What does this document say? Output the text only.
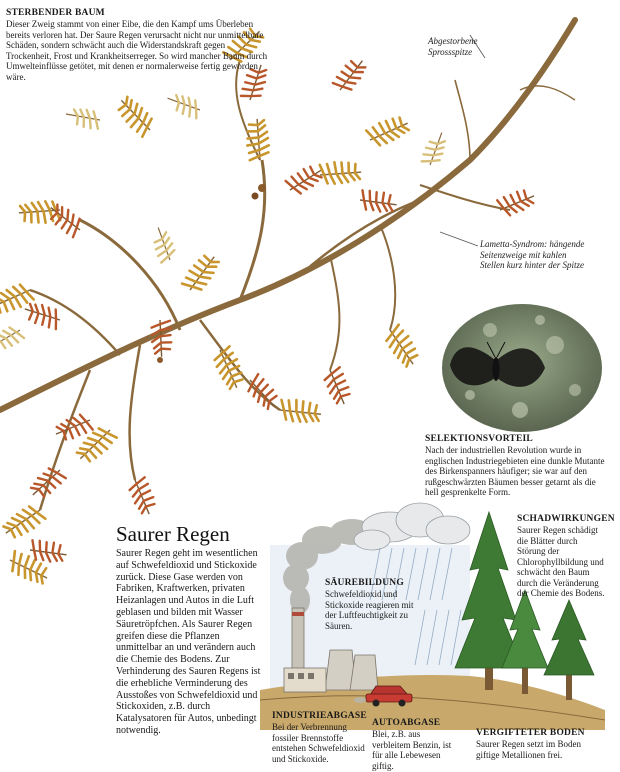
STERBENDER BAUM

Dieser Zweig stammt von einer Eibe, die den Kampf ums Überleben bereits verloren hat. Der Saure Regen verursacht nicht nur unmittelbare Schäden, sondern schwächt auch die Widerstandskraft gegen Trockenheit, Frost und Krankheitserreger. So wird mancher Baum durch Umwelteinflüsse getötet, mit denen er normalerweise fertig geworden wäre.

Abgestorbene Sprossspitze
Lametta-Syndrom: hängende Seitenzweige mit kahlen Stellen kurz hinter der Spitze

SELEKTIONSVORTEIL

Nach der industriellen Revolution wurde in englischen Industriegebieten eine dunkle Mutante des Birkenspanners häufiger; sie war auf den rußgeschwärzten Bäumen besser getarnt als die hell gesprenkelte Form.

Saurer Regen

Saurer Regen geht im wesentlichen auf Schwefeldioxid und Stickoxide zurück. Diese Gase werden von Fabriken, Kraftwerken, privaten Heizanlagen und Autos in die Luft geblasen und bilden mit Wasser Säuretröpfchen. Als Saurer Regen greifen diese die Pflanzen unmittelbar an und verändern auch die Chemie des Bodens. Zur Verhinderung des Sauren Regens ist die erhebliche Verminderung des Ausstoßes von Schwefeldioxid und Stickoxiden, z.B. durch Katalysatoren für Autos, unbedingt notwendig.

SÄUREBILDUNG

Schwefeldioxid und Stickoxide reagieren mit der Luftfeuchtigkeit zu Säuren.

SCHADWIRKUNGEN

Saurer Regen schädigt die Blätter durch Störung der Chlorophyllbildung und schwächt den Baum durch die Veränderung der Chemie des Bodens.

INDUSTRIEABGASE

Bei der Verbrennung fossiler Brennstoffe entstehen Schwefeldioxid und Stickoxide.

AUTOABGASE

Blei, z.B. aus verbleitem Benzin, ist für alle Lebewesen giftig.

VERGIFTETER BODEN

Saurer Regen setzt im Boden giftige Metallionen frei.
